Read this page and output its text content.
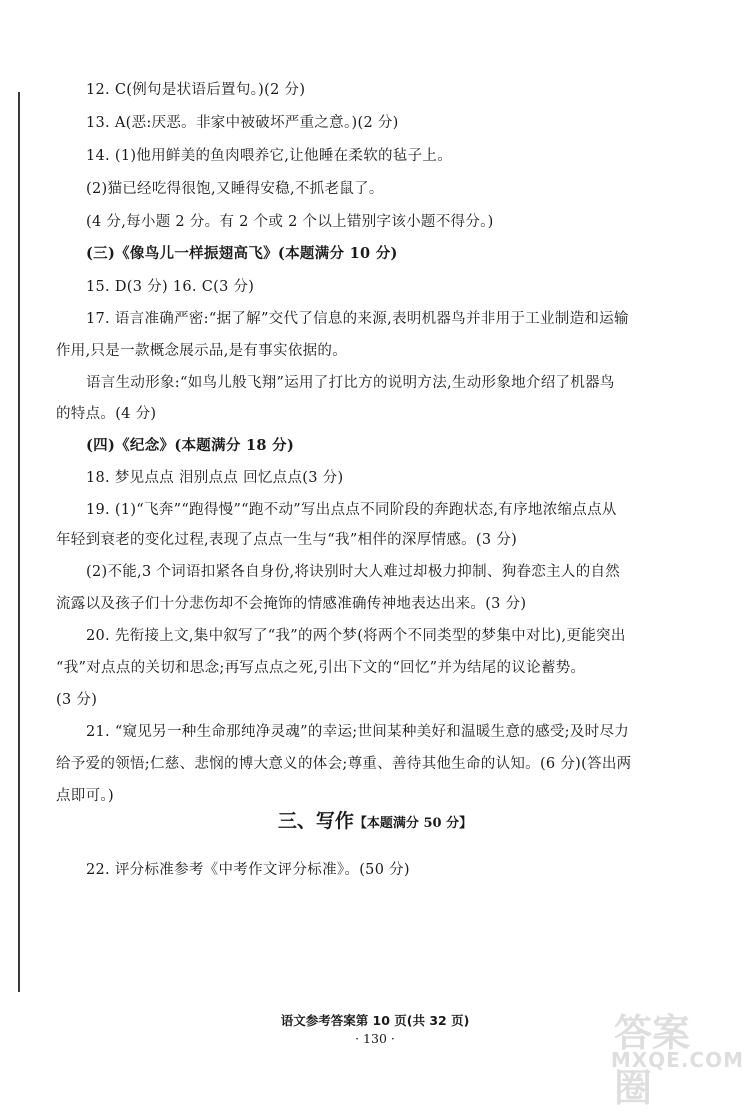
12. C(例句是状语后置句。)(2 分)
13. A(恶:厌恶。非家中被破坏严重之意。)(2 分)
14. (1)他用鲜美的鱼肉喂养它,让他睡在柔软的毡子上。
(2)猫已经吃得很饱,又睡得安稳,不抓老鼠了。
(4 分,每小题 2 分。有 2 个或 2 个以上错别字该小题不得分。)
(三)《像鸟儿一样振翅高飞》(本题满分 10 分)
15. D(3 分) 16. C(3 分)
17. 语言准确严密:“据了解”交代了信息的来源,表明机器鸟并非用于工业制造和运输
作用,只是一款概念展示品,是有事实依据的。
语言生动形象:“如鸟儿般飞翔”运用了打比方的说明方法,生动形象地介绍了机器鸟
的特点。(4 分)
(四)《纪念》(本题满分 18 分)
18. 梦见点点 泪别点点 回忆点点(3 分)
19. (1)“飞奔”“跑得慢”“跑不动”写出点点不同阶段的奔跑状态,有序地浓缩点点从
年轻到衰老的变化过程,表现了点点一生与“我”相伴的深厚情感。(3 分)
(2)不能,3 个词语扣紧各自身份,将诀别时大人难过却极力抑制、狗眷恋主人的自然
流露以及孩子们十分悲伤却不会掩饰的情感准确传神地表达出来。(3 分)
20. 先衔接上文,集中叙写了“我”的两个梦(将两个不同类型的梦集中对比),更能突出
“我”对点点的关切和思念;再写点点之死,引出下文的“回忆”并为结尾的议论蓄势。
(3 分)
21. “窥见另一种生命那纯净灵魂”的幸运;世间某种美好和温暖生意的感受;及时尽力
给予爱的领悟;仁慈、悲悯的博大意义的体会;尊重、善待其他生命的认知。(6 分)(答出两
点即可。)
三、写作【本题满分 50 分】
22. 评分标准参考《中考作文评分标准》。(50 分)
语文参考答案第 10 页(共 32 页)
· 130 ·	答案圈
MXQE.COM
